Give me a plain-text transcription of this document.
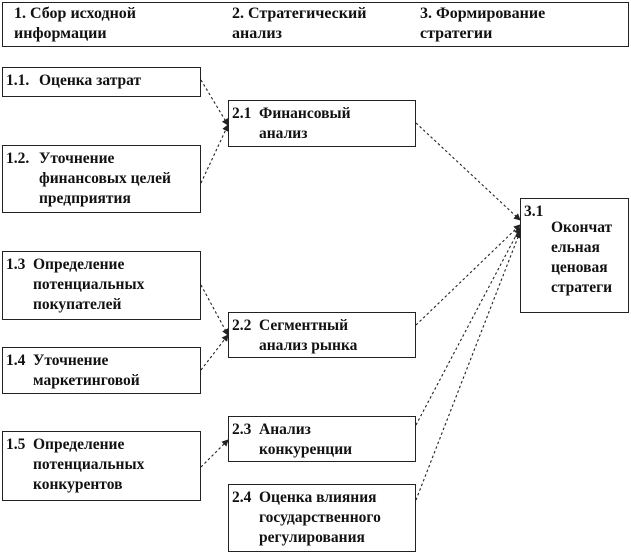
1. Сбор исходной
информации
2. Стратегический
анализ
3. Формирование
стратегии
1.1. Оценка затрат
1.2. Уточнение
финансовых целей
предприятия
1.3 Определение
потенциальных
покупателей
1.4 Уточнение
маркетинговой
1.5 Определение
потенциальных
конкурентов
2.1 Финансовый
анализ
2.2 Сегментный
анализ рынка
2.3 Анализ
конкуренции
2.4 Оценка влияния
государственного
регулирования
3.1
Окончат
ельная
ценовая
стратеги
